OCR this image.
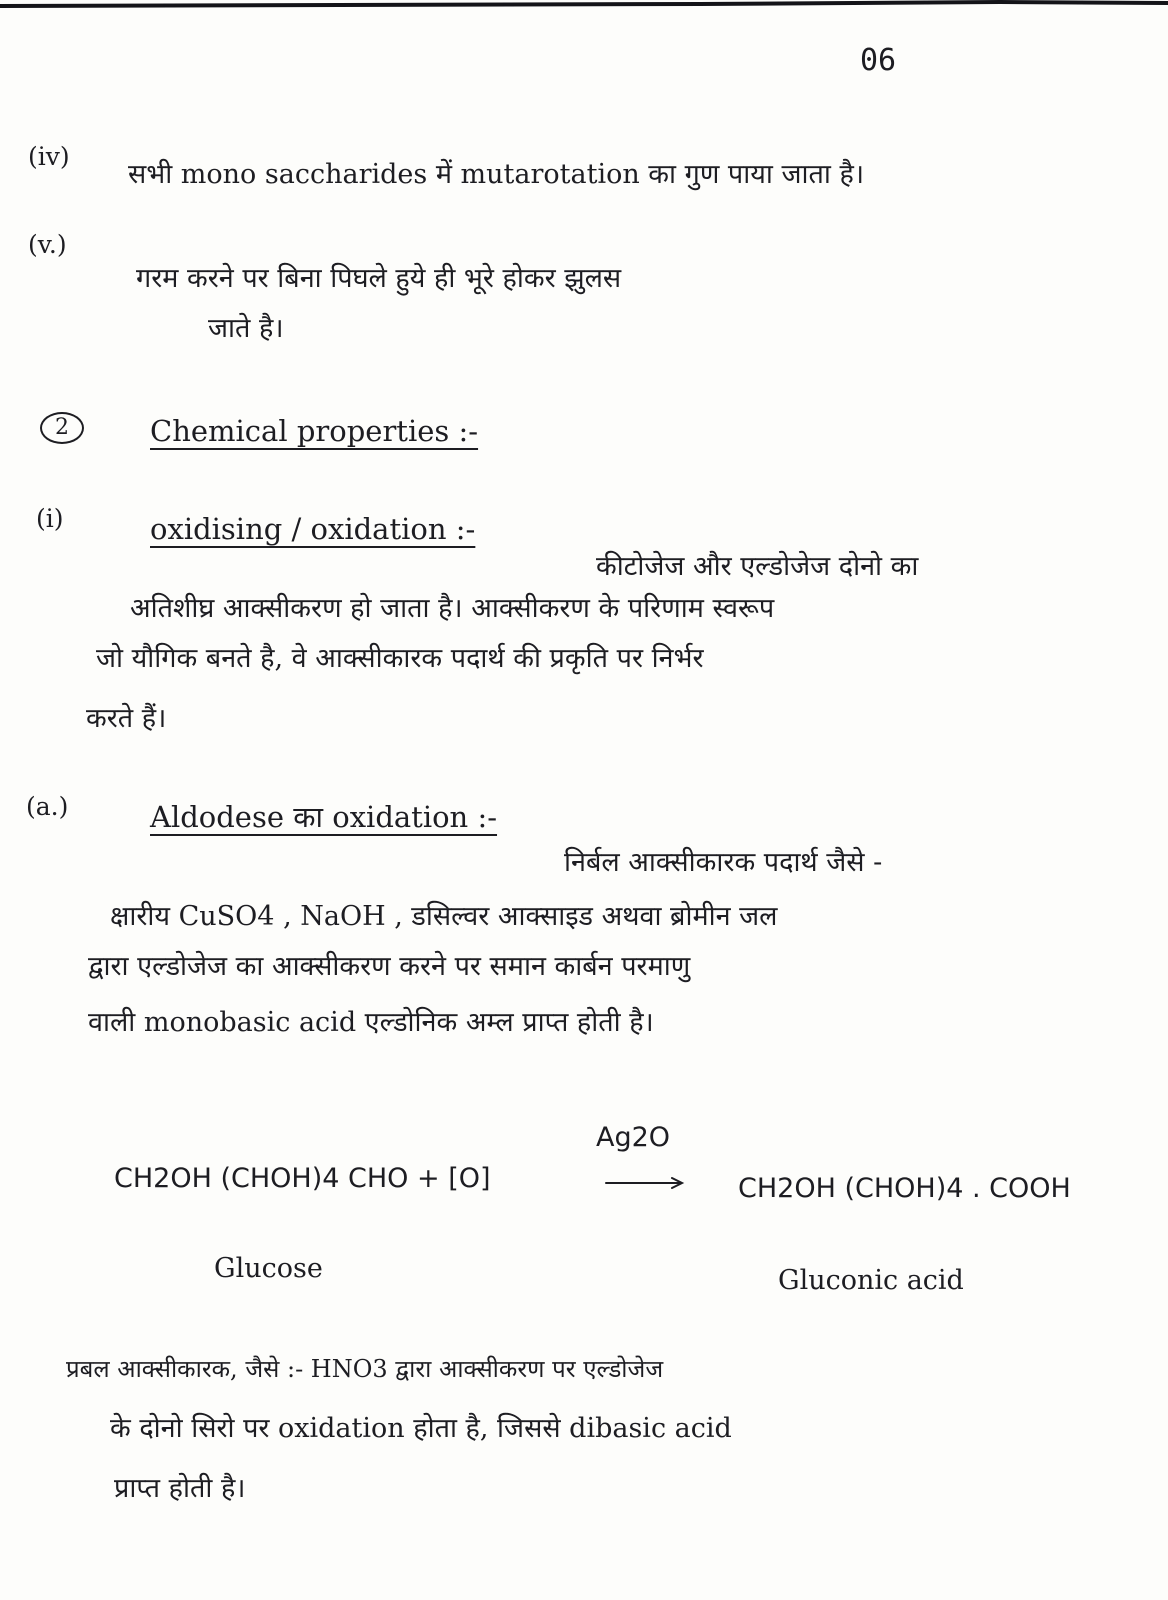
06
(iv)
सभी mono saccharides में mutarotation का गुण पाया जाता है।
(v.)
गरम करने पर बिना पिघले हुये ही भूरे होकर झुलस
जाते है।
2	Chemical properties :-
(i)	oxidising / oxidation :-
कीटोजेज और एल्डोजेज दोनो का
अतिशीघ्र आक्सीकरण हो जाता है। आक्सीकरण के परिणाम स्वरूप
जो यौगिक बनते है, वे आक्सीकारक पदार्थ की प्रकृति पर निर्भर
करते हैं।
(a.)	Aldodese का oxidation :-
निर्बल आक्सीकारक पदार्थ जैसे -
क्षारीय CuSO4 , NaOH , डसिल्वर आक्साइड अथवा ब्रोमीन जल
द्वारा एल्डोजेज का आक्सीकरण करने पर समान कार्बन परमाणु
वाली monobasic acid एल्डोनिक अम्ल प्राप्त होती है।
CH2OH (CHOH)4 CHO + [O]
Ag2O
CH2OH (CHOH)4 . COOH
Glucose	Gluconic acid
प्रबल आक्सीकारक, जैसे :- HNO3 द्वारा आक्सीकरण पर एल्डोजेज
के दोनो सिरो पर oxidation होता है, जिससे dibasic acid
प्राप्त होती है।
